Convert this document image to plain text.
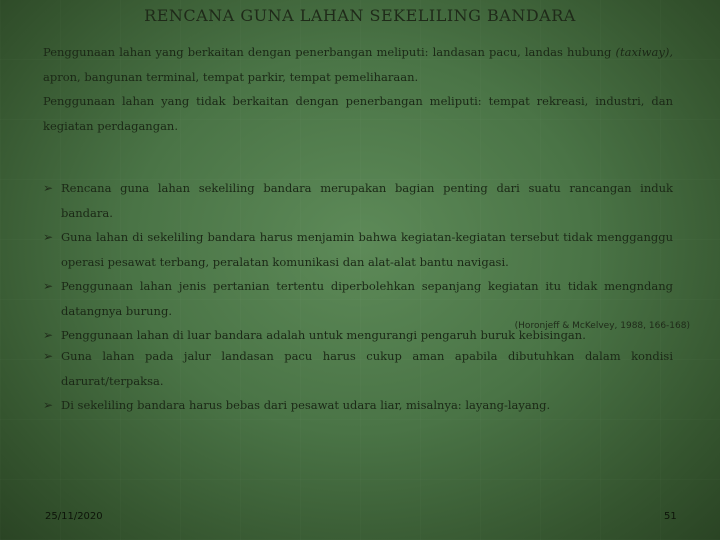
RENCANA GUNA LAHAN SEKELILING BANDARA
Penggunaan lahan yang berkaitan dengan penerbangan meliputi: landasan pacu, landas hubung (taxiway), apron, bangunan terminal, tempat parkir, tempat pemeliharaan.
Penggunaan lahan yang tidak berkaitan dengan penerbangan meliputi: tempat rekreasi, industri, dan kegiatan perdagangan.
➢ Rencana guna lahan sekeliling bandara merupakan bagian penting dari suatu rancangan induk bandara.
➢ Guna lahan di sekeliling bandara harus menjamin bahwa kegiatan-kegiatan tersebut tidak mengganggu operasi pesawat terbang, peralatan komunikasi dan alat-alat bantu navigasi.
➢ Penggunaan lahan jenis pertanian tertentu diperbolehkan sepanjang kegiatan itu tidak mengndang datangnya burung.
➢ Penggunaan lahan di luar bandara adalah untuk mengurangi pengaruh buruk kebisingan.
(Horonjeff & McKelvey, 1988, 166-168)
➢ Guna lahan pada jalur landasan pacu harus cukup aman apabila dibutuhkan dalam kondisi darurat/terpaksa.
➢ Di sekeliling bandara harus bebas dari pesawat udara liar, misalnya: layang-layang.
25/11/2020	51
